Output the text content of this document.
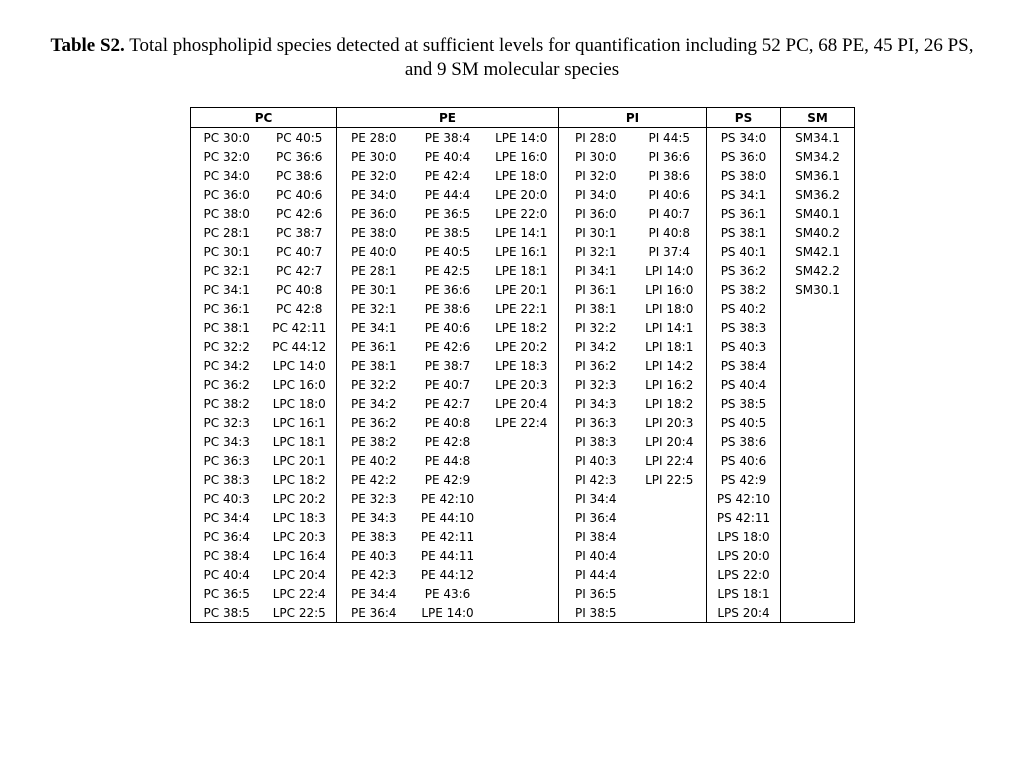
Table S2. Total phospholipid species detected at sufficient levels for quantification including 52 PC, 68 PE, 45 PI, 26 PS, and 9 SM molecular species
PC		PE			PI		PS	SM
PC 30:0	PC 40:5	PE 28:0	PE 38:4	LPE 14:0	PI 28:0	PI 44:5	PS 34:0	SM34.1
PC 32:0	PC 36:6	PE 30:0	PE 40:4	LPE 16:0	PI 30:0	PI 36:6	PS 36:0	SM34.2
PC 34:0	PC 38:6	PE 32:0	PE 42:4	LPE 18:0	PI 32:0	PI 38:6	PS 38:0	SM36.1
PC 36:0	PC 40:6	PE 34:0	PE 44:4	LPE 20:0	PI 34:0	PI 40:6	PS 34:1	SM36.2
PC 38:0	PC 42:6	PE 36:0	PE 36:5	LPE 22:0	PI 36:0	PI 40:7	PS 36:1	SM40.1
PC 28:1	PC 38:7	PE 38:0	PE 38:5	LPE 14:1	PI 30:1	PI 40:8	PS 38:1	SM40.2
PC 30:1	PC 40:7	PE 40:0	PE 40:5	LPE 16:1	PI 32:1	PI 37:4	PS 40:1	SM42.1
PC 32:1	PC 42:7	PE 28:1	PE 42:5	LPE 18:1	PI 34:1	LPI 14:0	PS 36:2	SM42.2
PC 34:1	PC 40:8	PE 30:1	PE 36:6	LPE 20:1	PI 36:1	LPI 16:0	PS 38:2	SM30.1
PC 36:1	PC 42:8	PE 32:1	PE 38:6	LPE 22:1	PI 38:1	LPI 18:0	PS 40:2	
PC 38:1	PC 42:11	PE 34:1	PE 40:6	LPE 18:2	PI 32:2	LPI 14:1	PS 38:3	
PC 32:2	PC 44:12	PE 36:1	PE 42:6	LPE 20:2	PI 34:2	LPI 18:1	PS 40:3	
PC 34:2	LPC 14:0	PE 38:1	PE 38:7	LPE 18:3	PI 36:2	LPI 14:2	PS 38:4	
PC 36:2	LPC 16:0	PE 32:2	PE 40:7	LPE 20:3	PI 32:3	LPI 16:2	PS 40:4	
PC 38:2	LPC 18:0	PE 34:2	PE 42:7	LPE 20:4	PI 34:3	LPI 18:2	PS 38:5	
PC 32:3	LPC 16:1	PE 36:2	PE 40:8	LPE 22:4	PI 36:3	LPI 20:3	PS 40:5	
PC 34:3	LPC 18:1	PE 38:2	PE 42:8		PI 38:3	LPI 20:4	PS 38:6	
PC 36:3	LPC 20:1	PE 40:2	PE 44:8		PI 40:3	LPI 22:4	PS 40:6	
PC 38:3	LPC 18:2	PE 42:2	PE 42:9		PI 42:3	LPI 22:5	PS 42:9	
PC 40:3	LPC 20:2	PE 32:3	PE 42:10		PI 34:4		PS 42:10	
PC 34:4	LPC 18:3	PE 34:3	PE 44:10		PI 36:4		PS 42:11	
PC 36:4	LPC 20:3	PE 38:3	PE 42:11		PI 38:4		LPS 18:0	
PC 38:4	LPC 16:4	PE 40:3	PE 44:11		PI 40:4		LPS 20:0	
PC 40:4	LPC 20:4	PE 42:3	PE 44:12		PI 44:4		LPS 22:0	
PC 36:5	LPC 22:4	PE 34:4	PE 43:6		PI 36:5		LPS 18:1	
PC 38:5	LPC 22:5	PE 36:4	LPE 14:0		PI 38:5		LPS 20:4	
